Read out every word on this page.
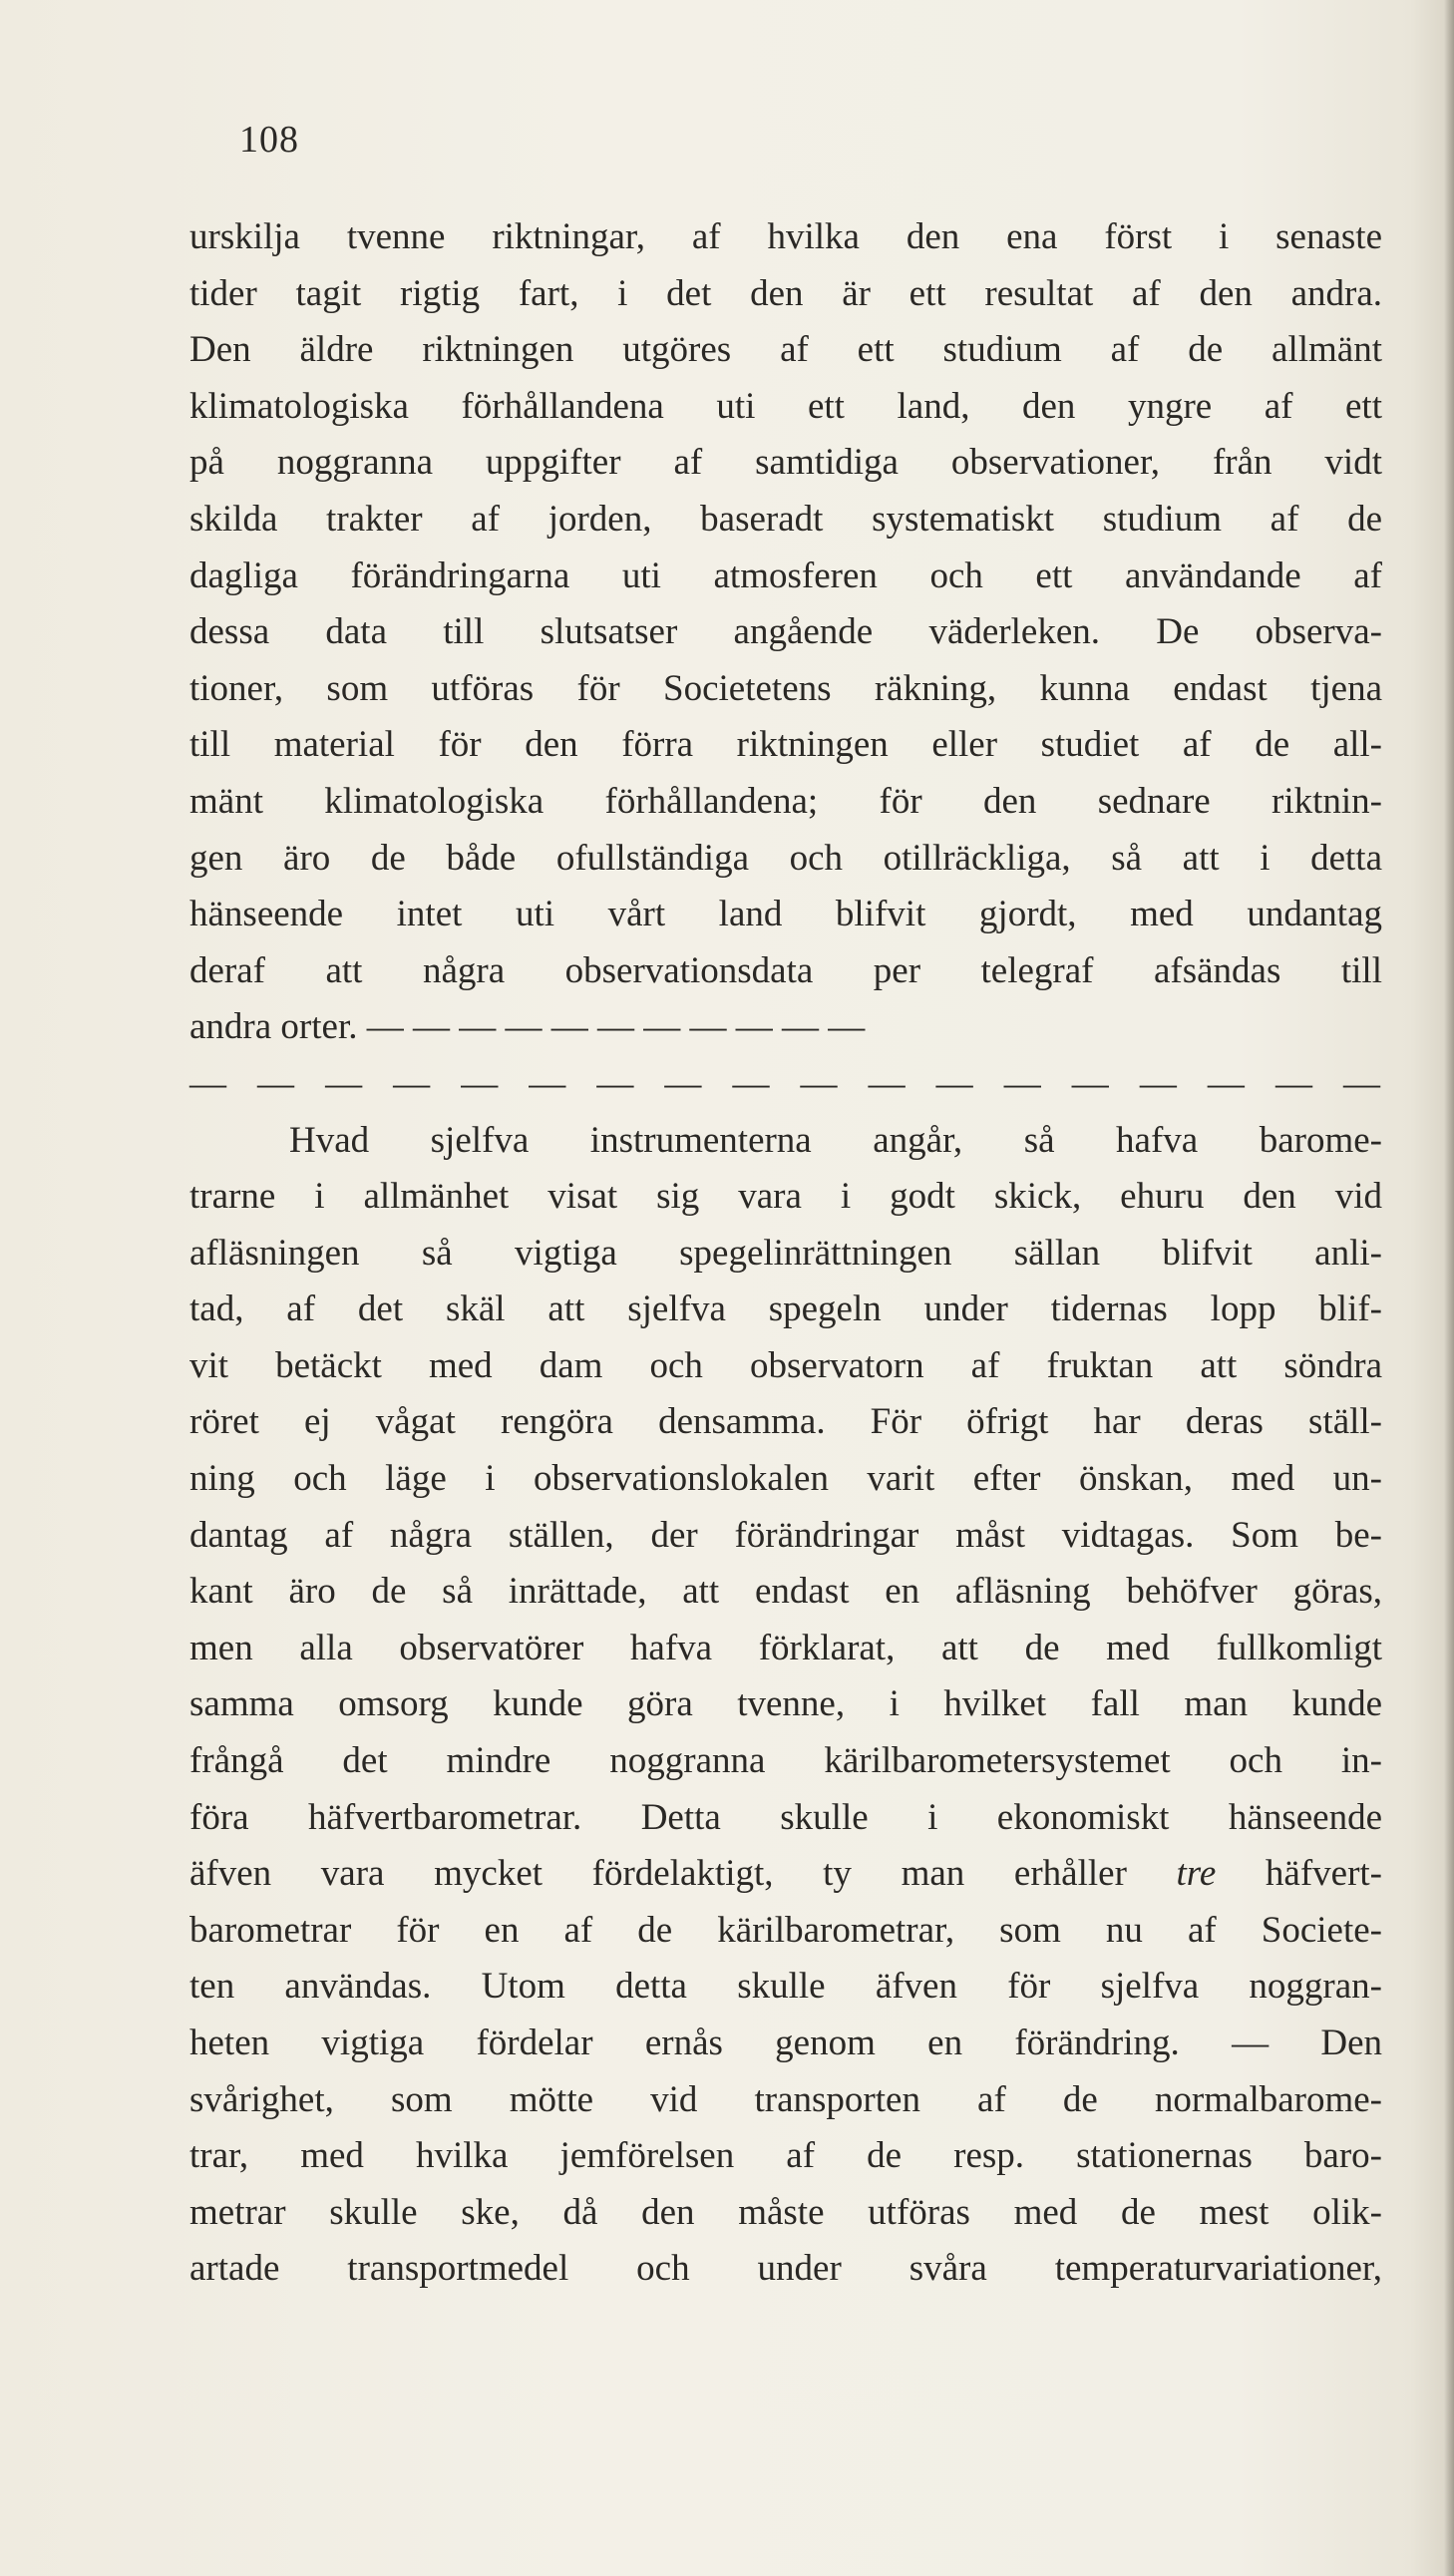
108
urskilja tvenne riktningar, af hvilka den ena först i senaste
tider tagit rigtig fart, i det den är ett resultat af den andra.
Den äldre riktningen utgöres af ett studium af de allmänt
klimatologiska förhållandena uti ett land, den yngre af ett
på noggranna uppgifter af samtidiga observationer, från vidt
skilda trakter af jorden, baseradt systematiskt studium af de
dagliga förändringarna uti atmosferen och ett användande af
dessa data till slutsatser angående väderleken. De observa-
tioner, som utföras för Societetens räkning, kunna endast tjena
till material för den förra riktningen eller studiet af de all-
mänt klimatologiska förhållandena; för den sednare riktnin-
gen äro de både ofullständiga och otillräckliga, så att i detta
hänseende intet uti vårt land blifvit gjordt, med undantag
deraf att några observationsdata per telegraf afsändas till
andra orter. — — — — — — — — — — —
— — — — — — — — — — — — — — — — — —
Hvad sjelfva instrumenterna angår, så hafva barome-
trarne i allmänhet visat sig vara i godt skick, ehuru den vid
afläsningen så vigtiga spegelinrättningen sällan blifvit anli-
tad, af det skäl att sjelfva spegeln under tidernas lopp blif-
vit betäckt med dam och observatorn af fruktan att söndra
röret ej vågat rengöra densamma. För öfrigt har deras ställ-
ning och läge i observationslokalen varit efter önskan, med un-
dantag af några ställen, der förändringar måst vidtagas. Som be-
kant äro de så inrättade, att endast en afläsning behöfver göras,
men alla observatörer hafva förklarat, att de med fullkomligt
samma omsorg kunde göra tvenne, i hvilket fall man kunde
frångå det mindre noggranna kärilbarometersystemet och in-
föra häfvertbarometrar. Detta skulle i ekonomiskt hänseende
äfven vara mycket fördelaktigt, ty man erhåller tre häfvert-
barometrar för en af de kärilbarometrar, som nu af Societe-
ten användas. Utom detta skulle äfven för sjelfva noggran-
heten vigtiga fördelar ernås genom en förändring. — Den
svårighet, som mötte vid transporten af de normalbarome-
trar, med hvilka jemförelsen af de resp. stationernas baro-
metrar skulle ske, då den måste utföras med de mest olik-
artade transportmedel och under svåra temperaturvariationer,
